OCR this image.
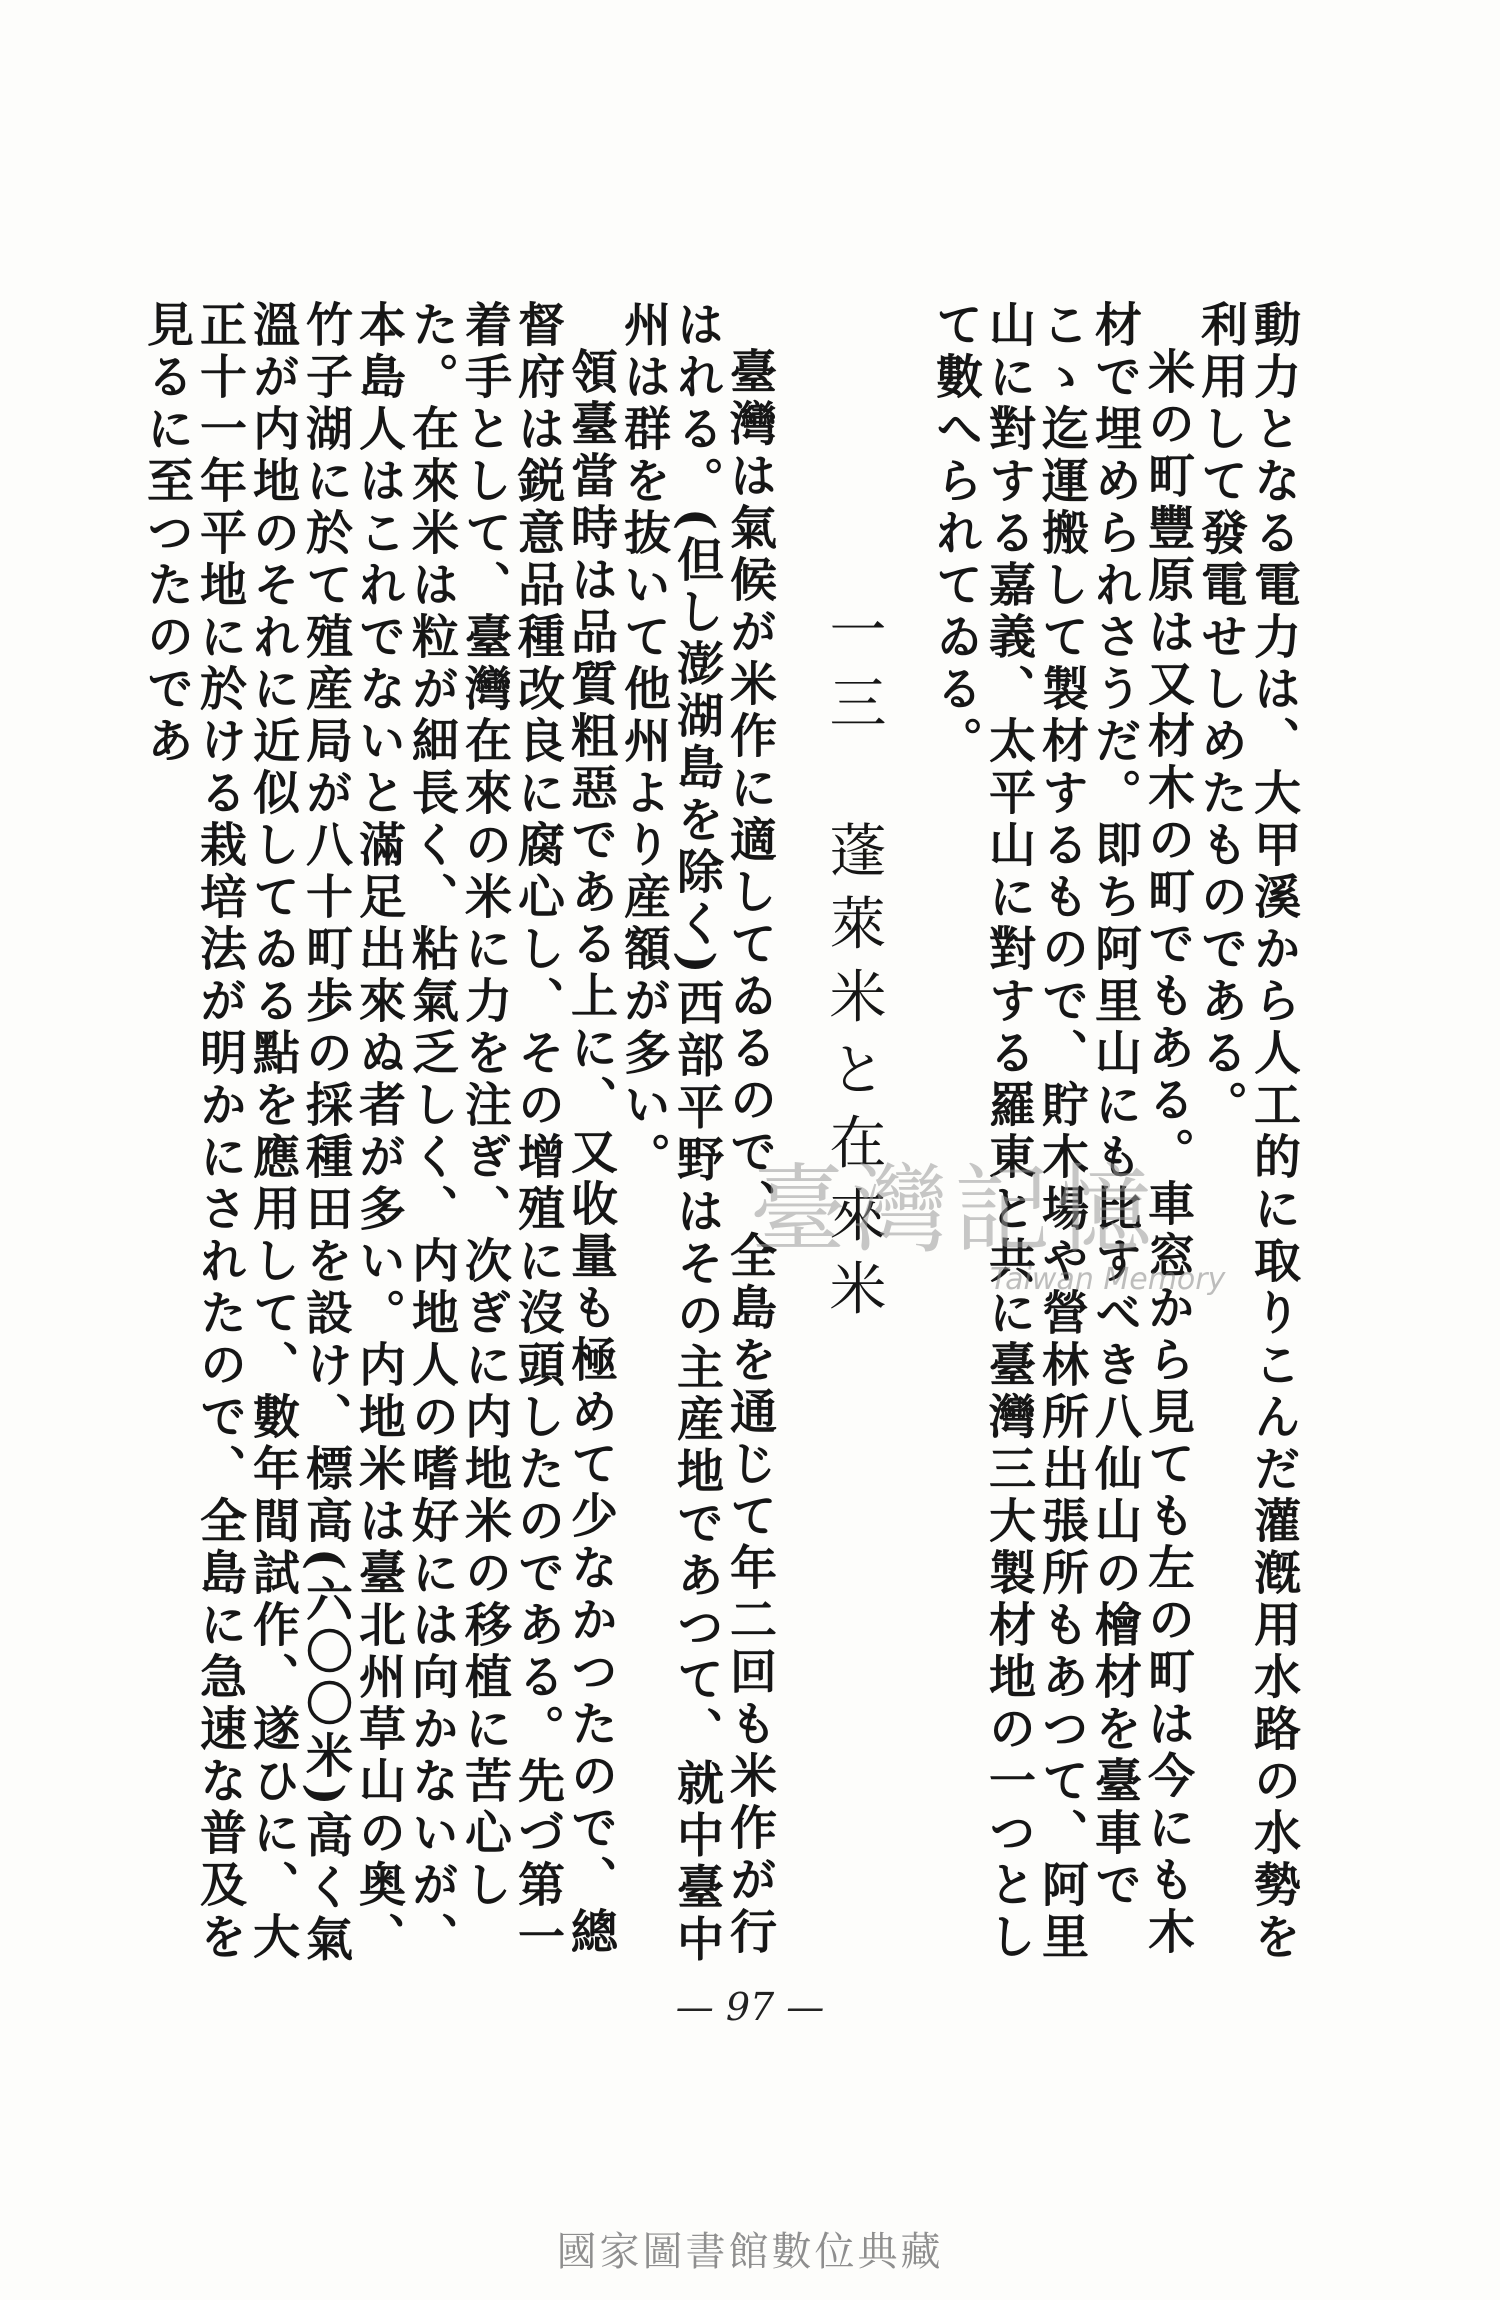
動力となる電力は、大甲溪から人工的に取りこんだ灌漑用水路の水勢を利用して發電せしめたものである。

米の町豐原は又材木の町でもある。車窓から見ても左の町は今にも木材で埋められさうだ。即ち阿里山にも比すべき八仙山の檜材を臺車でこゝ迄運搬して製材するもので、貯木場や營林所出張所もあつて、阿里山に對する嘉義、太平山に對する羅東と共に臺灣三大製材地の一つとして數へられてゐる。

一三 蓬萊米と在來米

臺灣は氣候が米作に適してゐるので、全島を通じて年二回も米作が行はれる。(但し澎湖島を除く)西部平野はその主産地であつて、就中臺中州は群を抜いて他州より産額が多い。

領臺當時は品質粗惡である上に、又收量も極めて少なかつたので、總督府は鋭意品種改良に腐心し、その增殖に沒頭したのである。先づ第一着手として、臺灣在來の米に力を注ぎ、次ぎに内地米の移植に苦心した。在來米は粒が細長く、粘氣乏しく、内地人の嗜好には向かないが、本島人はこれでないと滿足出來ぬ者が多い。内地米は臺北州草山の奥、竹子湖に於て殖産局が八十町歩の採種田を設け、標高(六〇〇米)高く氣溫が内地のそれに近似してゐる點を應用して、數年間試作、遂ひに、大正十一年平地に於ける栽培法が明かにされたので、全島に急速な普及を見るに至つたのであ

臺灣記憶
Taiwan Memory
— 97 —
國家圖書館數位典藏
